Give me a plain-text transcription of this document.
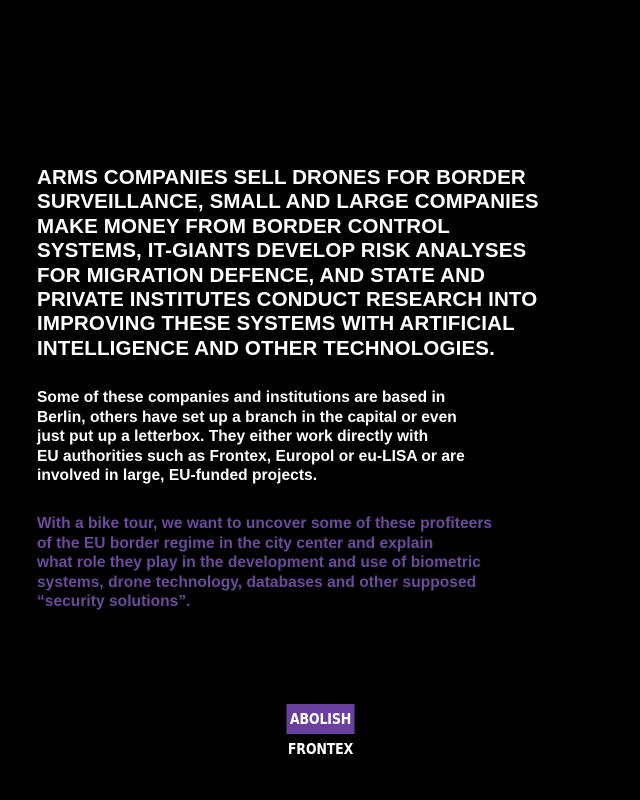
ARMS COMPANIES SELL DRONES FOR BORDER
SURVEILLANCE, SMALL AND LARGE COMPANIES
MAKE MONEY FROM BORDER CONTROL
SYSTEMS, IT-GIANTS DEVELOP RISK ANALYSES
FOR MIGRATION DEFENCE, AND STATE AND
PRIVATE INSTITUTES CONDUCT RESEARCH INTO
IMPROVING THESE SYSTEMS WITH ARTIFICIAL
INTELLIGENCE AND OTHER TECHNOLOGIES.

Some of these companies and institutions are based in
Berlin, others have set up a branch in the capital or even
just put up a letterbox. They either work directly with
EU authorities such as Frontex, Europol or eu-LISA or are
involved in large, EU-funded projects.

With a bike tour, we want to uncover some of these profiteers
of the EU border regime in the city center and explain
what role they play in the development and use of biometric
systems, drone technology, databases and other supposed
“security solutions”.

ABOLISH
FRONTEX
